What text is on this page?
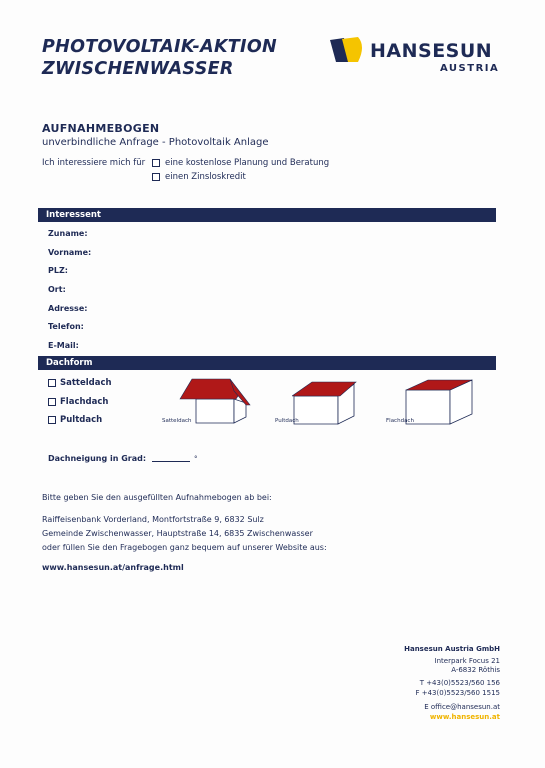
PHOTOVOLTAIK-AKTION
ZWISCHENWASSER
HANSESUN
AUSTRIA
AUFNAHMEBOGEN
unverbindliche Anfrage - Photovoltaik Anlage
Ich interessiere mich für eine kostenlose Planung und Beratung
einen Zinsloskredit
Interessent
Zuname:
Vorname:
PLZ:
Ort:
Adresse:
Telefon:
E-Mail:
Dachform
Satteldach
Flachdach
Pultdach	Satteldach	Pultdach	Flachdach
Dachneigung in Grad:	°
Bitte geben Sie den ausgefüllten Aufnahmebogen ab bei:
Raiffeisenbank Vorderland, Montfortstraße 9, 6832 Sulz
Gemeinde Zwischenwasser, Hauptstraße 14, 6835 Zwischenwasser
oder füllen Sie den Fragebogen ganz bequem auf unserer Website aus:
www.hansesun.at/anfrage.html
Hansesun Austria GmbH
Interpark Focus 21
A-6832 Röthis
T +43(0)5523/560 156
F +43(0)5523/560 1515
E office@hansesun.at
www.hansesun.at
